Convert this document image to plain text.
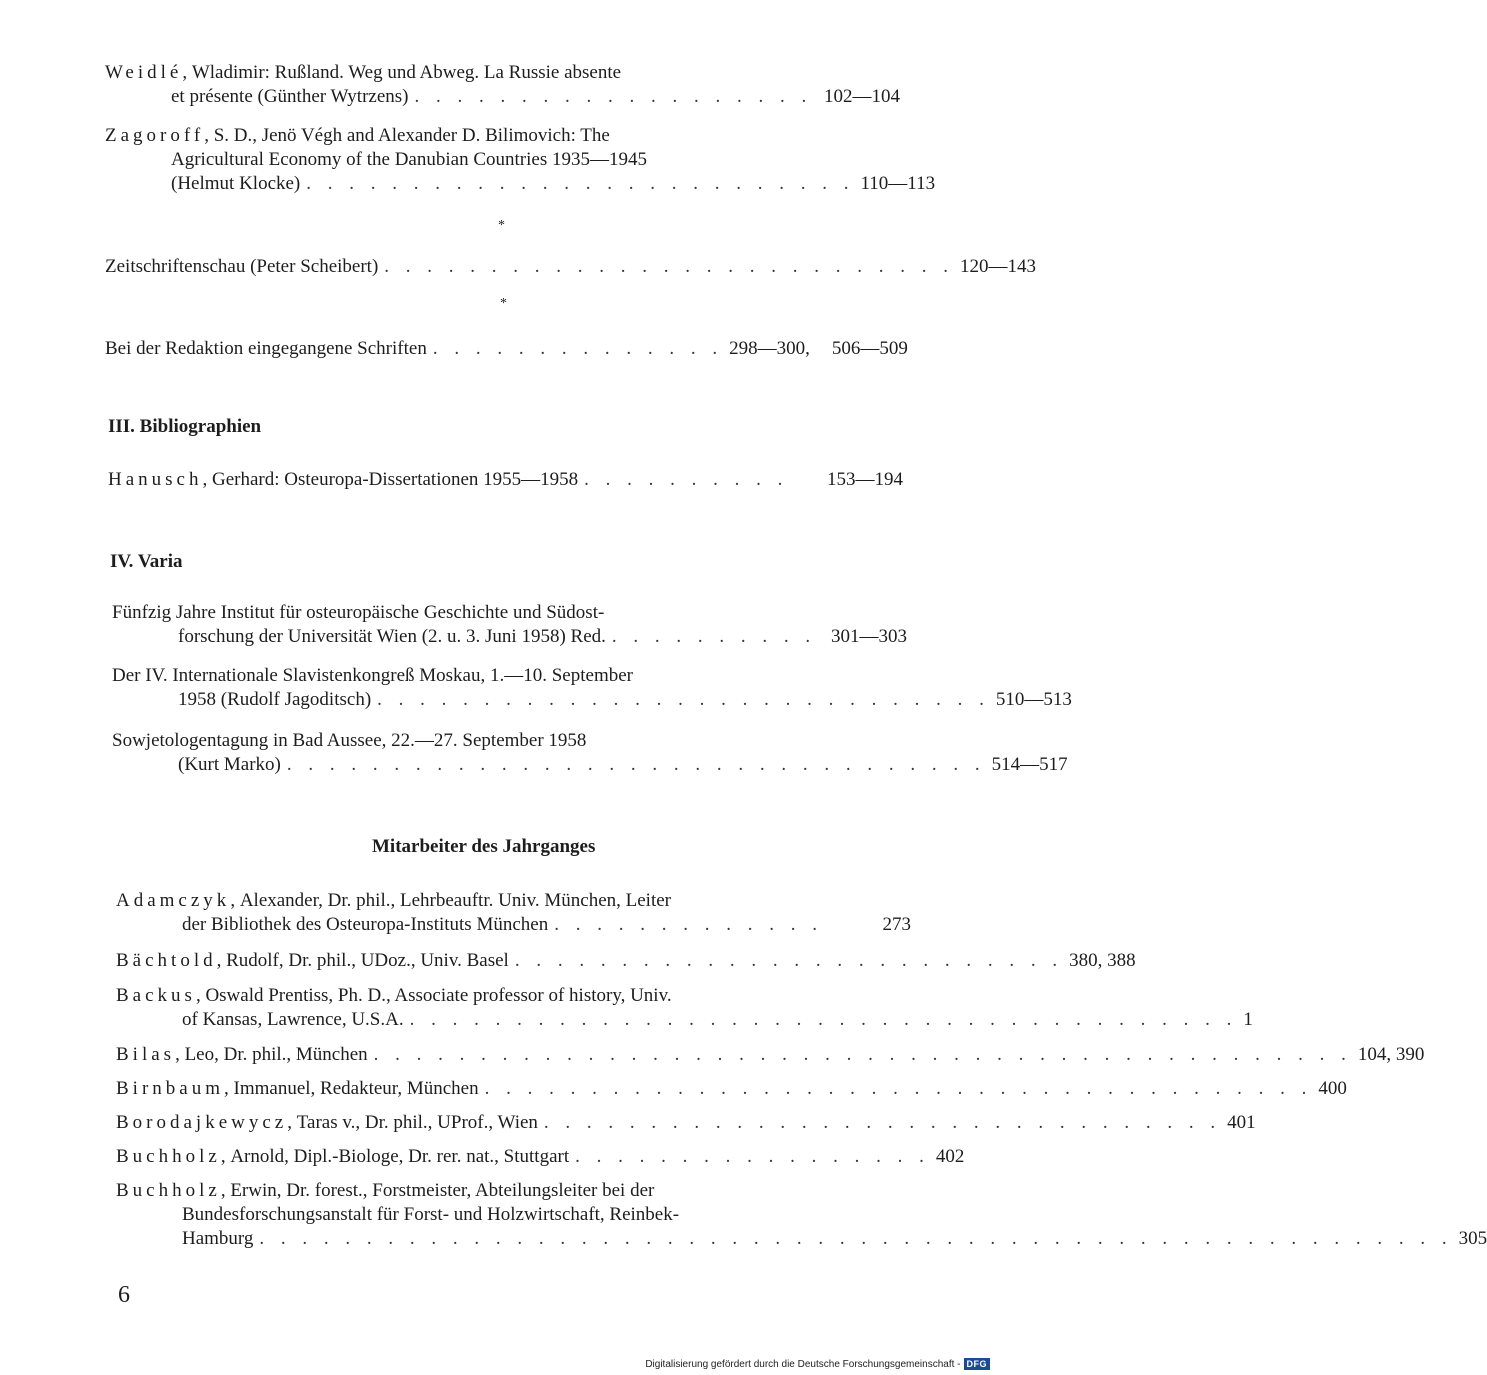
Weidlé , Wladimir: Rußland. Weg und Abweg. La Russie absente
et présente (Günther Wytrzens) . . . . . . . . . . . . . . . . . . . 102—104
Zagoroff , S. D., Jenö Végh and Alexander D. Bilimovich: The
Agricultural Economy of the Danubian Countries 1935—1945
(Helmut Klocke) . . . . . . . . . . . . . . . . . . . . . . . . . . 110—113
*
Zeitschriftenschau (Peter Scheibert) . . . . . . . . . . . . . . . . . . . . . . . . . . . 120—143
*
Bei der Redaktion eingegangene Schriften . . . . . . . . . . . . . . 298—300, 506—509
III. Bibliographien
Hanusch , Gerhard: Osteuropa-Dissertationen 1955—1958 . . . . . . . . . .	153—194
IV. Varia
Fünfzig Jahre Institut für osteuropäische Geschichte und Südost-
forschung der Universität Wien (2. u. 3. Juni 1958) Red. . . . . . . . . . . 301—303
Der IV. Internationale Slavistenkongreß Moskau, 1.—10. September
1958 (Rudolf Jagoditsch) . . . . . . . . . . . . . . . . . . . . . . . . . . . . . 510—513
Sowjetologentagung in Bad Aussee, 22.—27. September 1958
(Kurt Marko) . . . . . . . . . . . . . . . . . . . . . . . . . . . . . . . . . 514—517
Mitarbeiter des Jahrganges
Adamczyk , Alexander, Dr. phil., Lehrbeauftr. Univ. München, Leiter
der Bibliothek des Osteuropa-Instituts München . . . . . . . . . . . . .	273
Bächtold , Rudolf, Dr. phil., UDoz., Univ. Basel . . . . . . . . . . . . . . . . . . . . . . . . . . 380, 388
Backus , Oswald Prentiss, Ph. D., Associate professor of history, Univ.
of Kansas, Lawrence, U.S.A. . . . . . . . . . . . . . . . . . . . . . . . . . . . . . . . . . . . . . . . 1
Bilas , Leo, Dr. phil., München . . . . . . . . . . . . . . . . . . . . . . . . . . . . . . . . . . . . . . . . . . . . . . 104, 390
Birnbaum , Immanuel, Redakteur, München . . . . . . . . . . . . . . . . . . . . . . . . . . . . . . . . . . . . . . . 400
Borodajkewycz , Taras v., Dr. phil., UProf., Wien . . . . . . . . . . . . . . . . . . . . . . . . . . . . . . . . 401
Buchholz , Arnold, Dipl.-Biologe, Dr. rer. nat., Stuttgart . . . . . . . . . . . . . . . . . 402
Buchholz , Erwin, Dr. forest., Forstmeister, Abteilungsleiter bei der
Bundesforschungsanstalt für Forst- und Holzwirtschaft, Reinbek-
Hamburg . . . . . . . . . . . . . . . . . . . . . . . . . . . . . . . . . . . . . . . . . . . . . . . . . . . . . . . . 305
6
Digitalisierung gefördert durch die Deutsche Forschungsgemeinschaft - DFG
